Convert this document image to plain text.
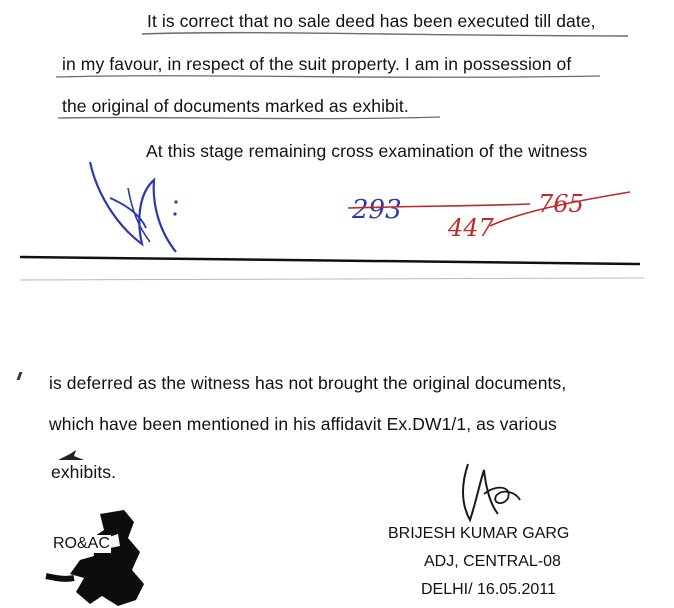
It is correct that no sale deed has been executed till date,
in my favour, in respect of the suit property. I am in possession of
the original of documents marked as exhibit.
At this stage remaining cross examination of the witness
293
447
765
is deferred as the witness has not brought the original documents,
which have been mentioned in his affidavit Ex.DW1/1, as various
exhibits.
RO&AC
BRIJESH KUMAR GARG
ADJ, CENTRAL-08
DELHI/ 16.05.2011
